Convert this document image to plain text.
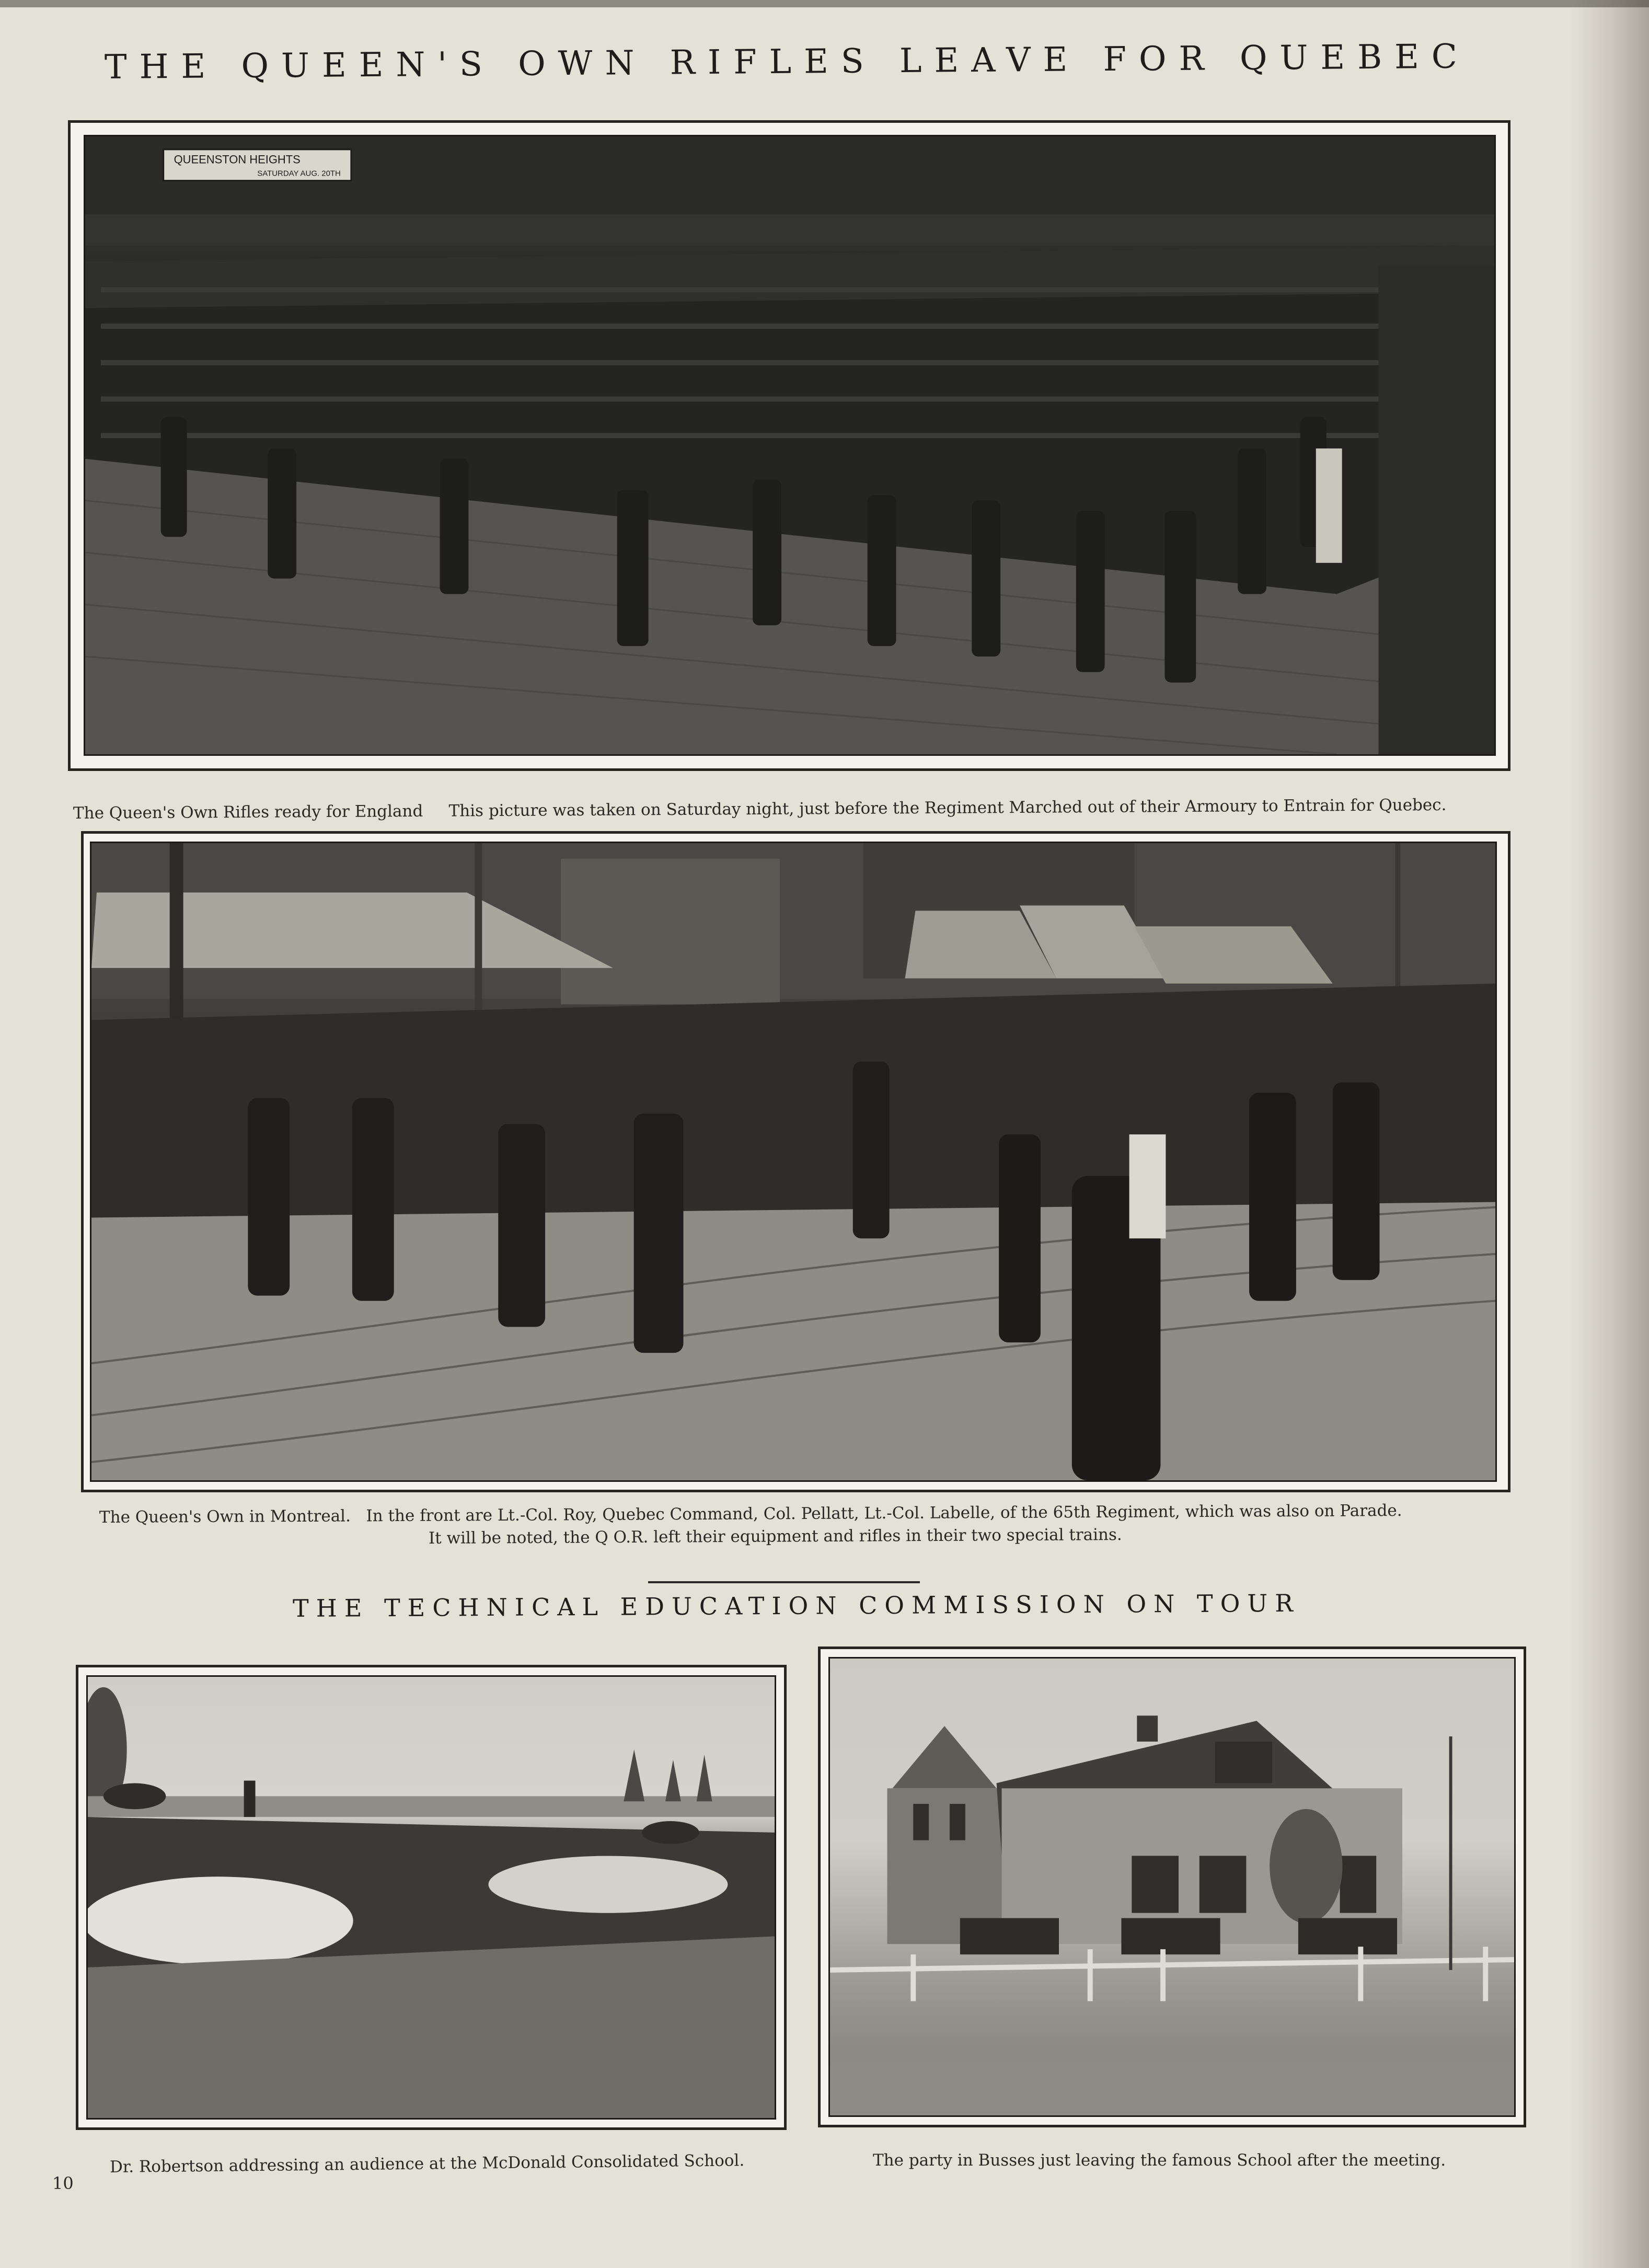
THE QUEEN'S OWN RIFLES LEAVE FOR QUEBEC
QUEENSTON HEIGHTS
SATURDAY AUG. 20TH
The Queen's Own Rifles ready for England This picture was taken on Saturday night, just before the Regiment Marched out of their Armoury to Entrain for Quebec.
The Queen's Own in Montreal. In the front are Lt.-Col. Roy, Quebec Command, Col. Pellatt, Lt.-Col. Labelle, of the 65th Regiment, which was also on Parade.
It will be noted, the Q O.R. left their equipment and rifles in their two special trains.
THE TECHNICAL EDUCATION COMMISSION ON TOUR
Dr. Robertson addressing an audience at the McDonald Consolidated School.	The party in Busses just leaving the famous School after the meeting.
10
